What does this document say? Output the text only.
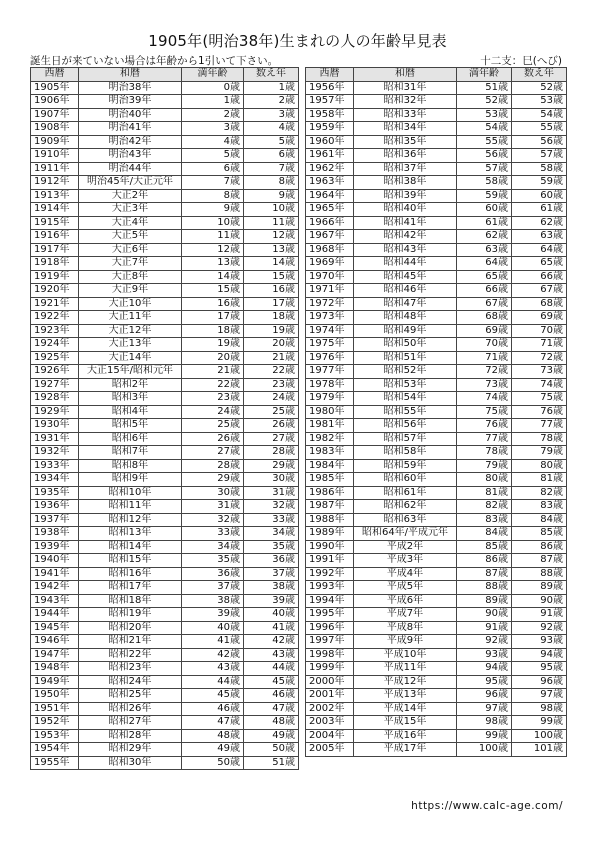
1905年(明治38年)生まれの人の年齢早見表
誕生日が来ていない場合は年齢から1引いて下さい。	十二支：巳(へび)
西暦	和暦	満年齢	数え年
1905年	明治38年	0歳	1歳
1906年	明治39年	1歳	2歳
1907年	明治40年	2歳	3歳
1908年	明治41年	3歳	4歳
1909年	明治42年	4歳	5歳
1910年	明治43年	5歳	6歳
1911年	明治44年	6歳	7歳
1912年	明治45年/大正元年	7歳	8歳
1913年	大正2年	8歳	9歳
1914年	大正3年	9歳	10歳
1915年	大正4年	10歳	11歳
1916年	大正5年	11歳	12歳
1917年	大正6年	12歳	13歳
1918年	大正7年	13歳	14歳
1919年	大正8年	14歳	15歳
1920年	大正9年	15歳	16歳
1921年	大正10年	16歳	17歳
1922年	大正11年	17歳	18歳
1923年	大正12年	18歳	19歳
1924年	大正13年	19歳	20歳
1925年	大正14年	20歳	21歳
1926年	大正15年/昭和元年	21歳	22歳
1927年	昭和2年	22歳	23歳
1928年	昭和3年	23歳	24歳
1929年	昭和4年	24歳	25歳
1930年	昭和5年	25歳	26歳
1931年	昭和6年	26歳	27歳
1932年	昭和7年	27歳	28歳
1933年	昭和8年	28歳	29歳
1934年	昭和9年	29歳	30歳
1935年	昭和10年	30歳	31歳
1936年	昭和11年	31歳	32歳
1937年	昭和12年	32歳	33歳
1938年	昭和13年	33歳	34歳
1939年	昭和14年	34歳	35歳
1940年	昭和15年	35歳	36歳
1941年	昭和16年	36歳	37歳
1942年	昭和17年	37歳	38歳
1943年	昭和18年	38歳	39歳
1944年	昭和19年	39歳	40歳
1945年	昭和20年	40歳	41歳
1946年	昭和21年	41歳	42歳
1947年	昭和22年	42歳	43歳
1948年	昭和23年	43歳	44歳
1949年	昭和24年	44歳	45歳
1950年	昭和25年	45歳	46歳
1951年	昭和26年	46歳	47歳
1952年	昭和27年	47歳	48歳
1953年	昭和28年	48歳	49歳
1954年	昭和29年	49歳	50歳
1955年	昭和30年	50歳	51歳
西暦	和暦	満年齢	数え年
1956年	昭和31年	51歳	52歳
1957年	昭和32年	52歳	53歳
1958年	昭和33年	53歳	54歳
1959年	昭和34年	54歳	55歳
1960年	昭和35年	55歳	56歳
1961年	昭和36年	56歳	57歳
1962年	昭和37年	57歳	58歳
1963年	昭和38年	58歳	59歳
1964年	昭和39年	59歳	60歳
1965年	昭和40年	60歳	61歳
1966年	昭和41年	61歳	62歳
1967年	昭和42年	62歳	63歳
1968年	昭和43年	63歳	64歳
1969年	昭和44年	64歳	65歳
1970年	昭和45年	65歳	66歳
1971年	昭和46年	66歳	67歳
1972年	昭和47年	67歳	68歳
1973年	昭和48年	68歳	69歳
1974年	昭和49年	69歳	70歳
1975年	昭和50年	70歳	71歳
1976年	昭和51年	71歳	72歳
1977年	昭和52年	72歳	73歳
1978年	昭和53年	73歳	74歳
1979年	昭和54年	74歳	75歳
1980年	昭和55年	75歳	76歳
1981年	昭和56年	76歳	77歳
1982年	昭和57年	77歳	78歳
1983年	昭和58年	78歳	79歳
1984年	昭和59年	79歳	80歳
1985年	昭和60年	80歳	81歳
1986年	昭和61年	81歳	82歳
1987年	昭和62年	82歳	83歳
1988年	昭和63年	83歳	84歳
1989年	昭和64年/平成元年	84歳	85歳
1990年	平成2年	85歳	86歳
1991年	平成3年	86歳	87歳
1992年	平成4年	87歳	88歳
1993年	平成5年	88歳	89歳
1994年	平成6年	89歳	90歳
1995年	平成7年	90歳	91歳
1996年	平成8年	91歳	92歳
1997年	平成9年	92歳	93歳
1998年	平成10年	93歳	94歳
1999年	平成11年	94歳	95歳
2000年	平成12年	95歳	96歳
2001年	平成13年	96歳	97歳
2002年	平成14年	97歳	98歳
2003年	平成15年	98歳	99歳
2004年	平成16年	99歳	100歳
2005年	平成17年	100歳	101歳
https://www.calc-age.com/
